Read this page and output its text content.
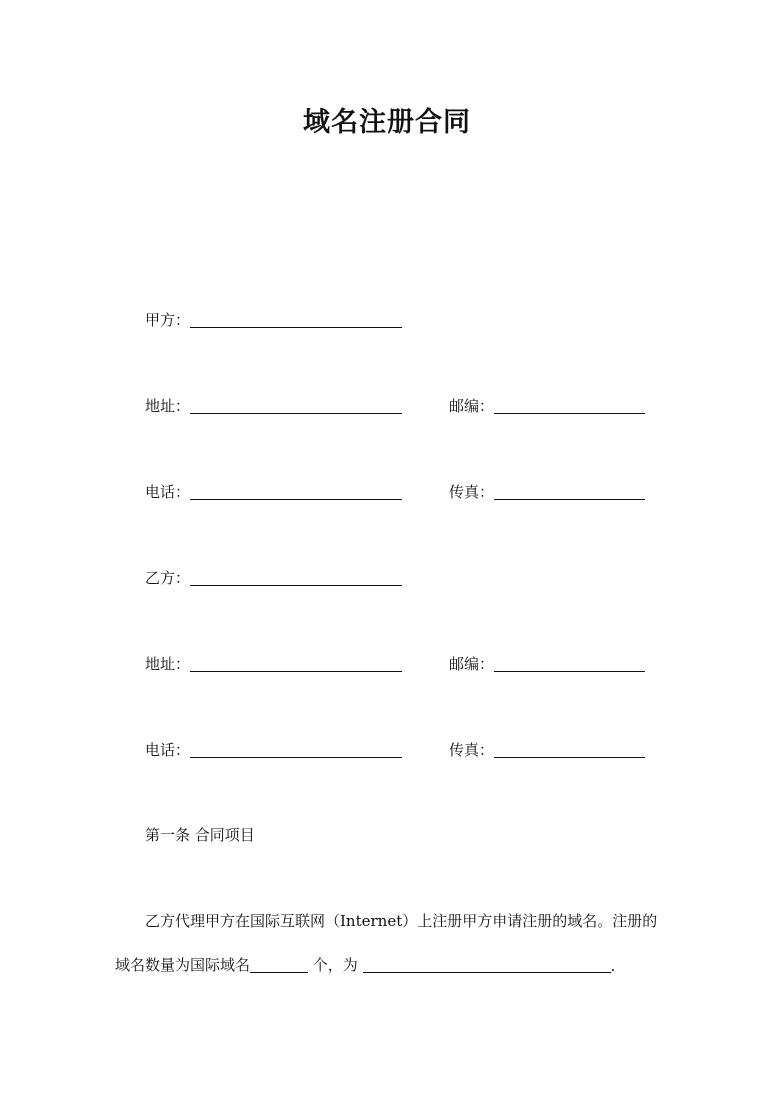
域名注册合同
甲方：
地址：	邮编：
电话：	传真：
乙方：
地址：	邮编：
电话：	传真：
第一条 合同项目
乙方代理甲方在国际互联网（Internet）上注册甲方申请注册的域名。注册的
域名数量为国际域名	个，为	.
